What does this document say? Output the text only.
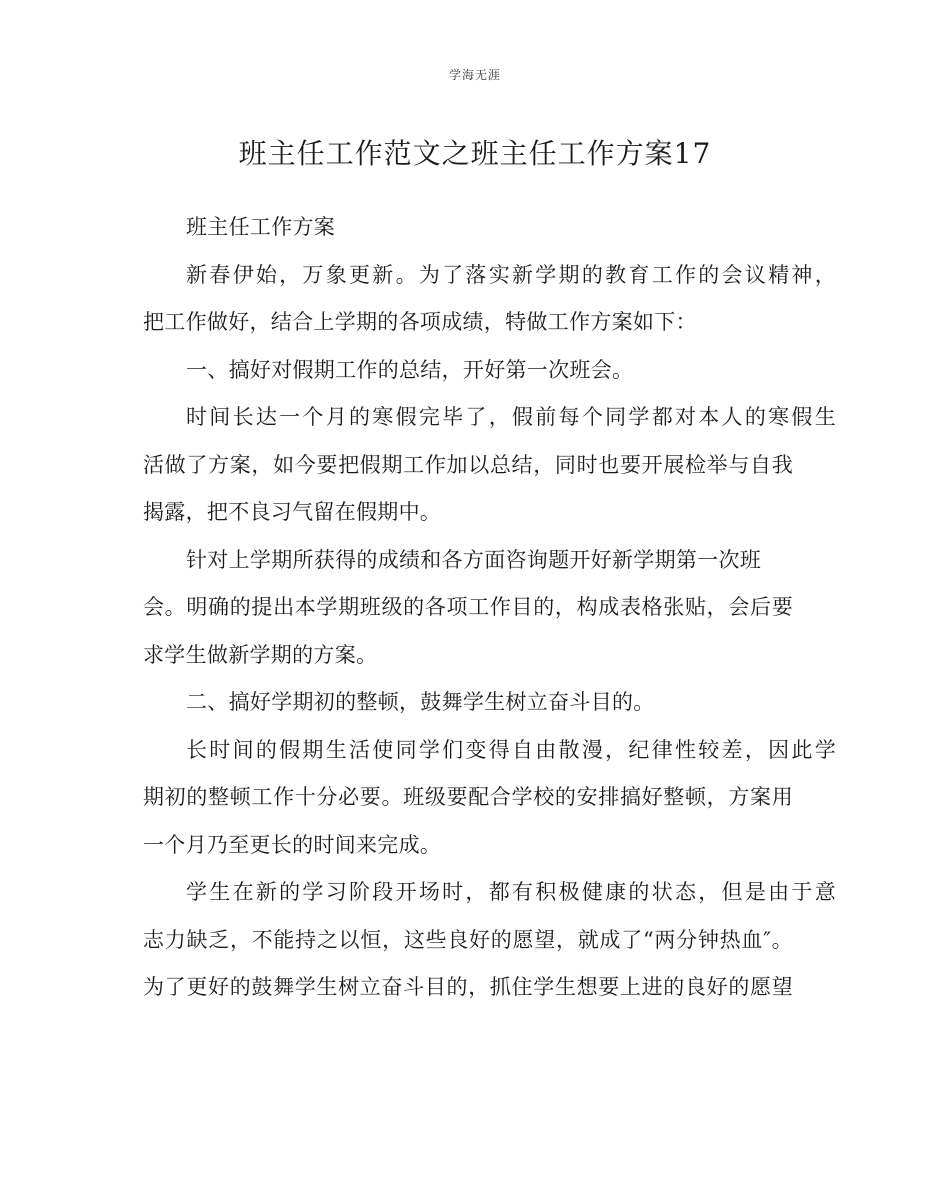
学海无涯
班主任工作范文之班主任工作方案17
班主任工作方案
新春伊始，万象更新。为了落实新学期的教育工作的会议精神，
把工作做好，结合上学期的各项成绩，特做工作方案如下：
一、搞好对假期工作的总结，开好第一次班会。
时间长达一个月的寒假完毕了，假前每个同学都对本人的寒假生
活做了方案，如今要把假期工作加以总结，同时也要开展检举与自我
揭露，把不良习气留在假期中。
针对上学期所获得的成绩和各方面咨询题开好新学期第一次班
会。明确的提出本学期班级的各项工作目的，构成表格张贴，会后要
求学生做新学期的方案。
二、搞好学期初的整顿，鼓舞学生树立奋斗目的。
长时间的假期生活使同学们变得自由散漫，纪律性较差，因此学
期初的整顿工作十分必要。班级要配合学校的安排搞好整顿，方案用
一个月乃至更长的时间来完成。
学生在新的学习阶段开场时，都有积极健康的状态，但是由于意
志力缺乏，不能持之以恒，这些良好的愿望，就成了“两分钟热血″。
为了更好的鼓舞学生树立奋斗目的，抓住学生想要上进的良好的愿望
